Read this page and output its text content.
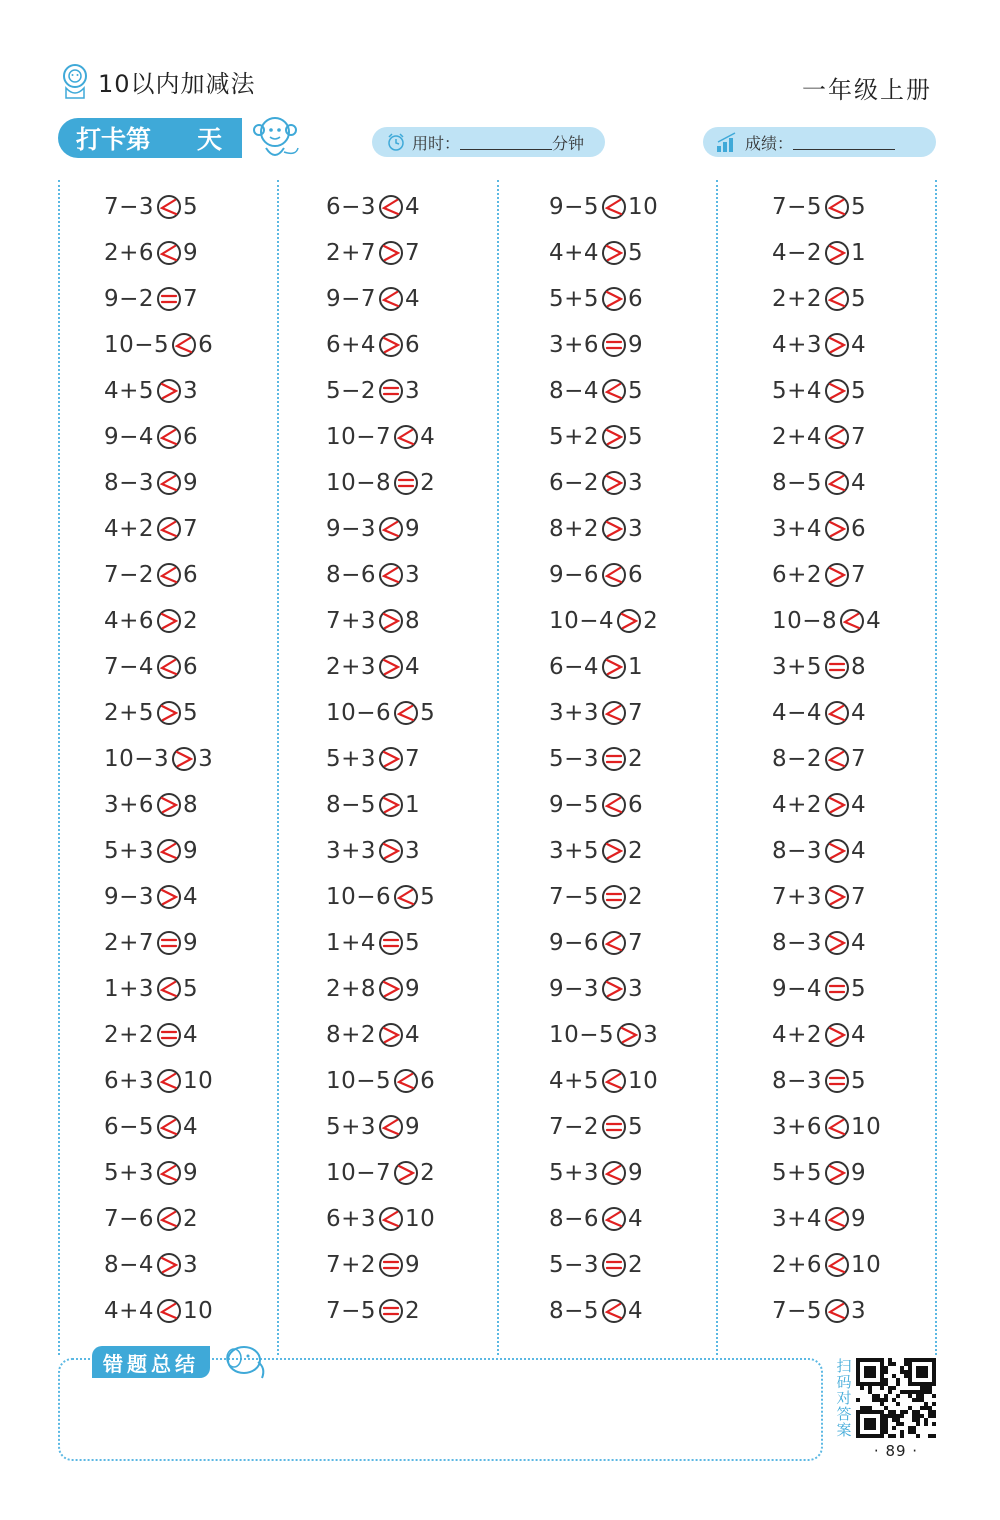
10以内加减法	一年级上册
打卡第 天	用时：	分钟	成绩：
7−3 5
2+6 9
9−2 7
10−5 6
4+5 3
9−4 6
8−3 9
4+2 7
7−2 6
4+6 2
7−4 6
2+5 5
10−3 3
3+6 8
5+3 9
9−3 4
2+7 9
1+3 5
2+2 4
6+3 10
6−5 4
5+3 9
7−6 2
8−4 3
4+4 10
6−3 4
2+7 7
9−7 4
6+4 6
5−2 3
10−7 4
10−8 2
9−3 9
8−6 3
7+3 8
2+3 4
10−6 5
5+3 7
8−5 1
3+3 3
10−6 5
1+4 5
2+8 9
8+2 4
10−5 6
5+3 9
10−7 2
6+3 10
7+2 9
7−5 2
9−5 10
4+4 5
5+5 6
3+6 9
8−4 5
5+2 5
6−2 3
8+2 3
9−6 6
10−4 2
6−4 1
3+3 7
5−3 2
9−5 6
3+5 2
7−5 2
9−6 7
9−3 3
10−5 3
4+5 10
7−2 5
5+3 9
8−6 4
5−3 2
8−5 4
7−5 5
4−2 1
2+2 5
4+3 4
5+4 5
2+4 7
8−5 4
3+4 6
6+2 7
10−8 4
3+5 8
4−4 4
8−2 7
4+2 4
8−3 4
7+3 7
8−3 4
9−4 5
4+2 4
8−3 5
3+6 10
5+5 9
3+4 9
2+6 10
7−5 3
错题总结	扫码对答案
· 89 ·
